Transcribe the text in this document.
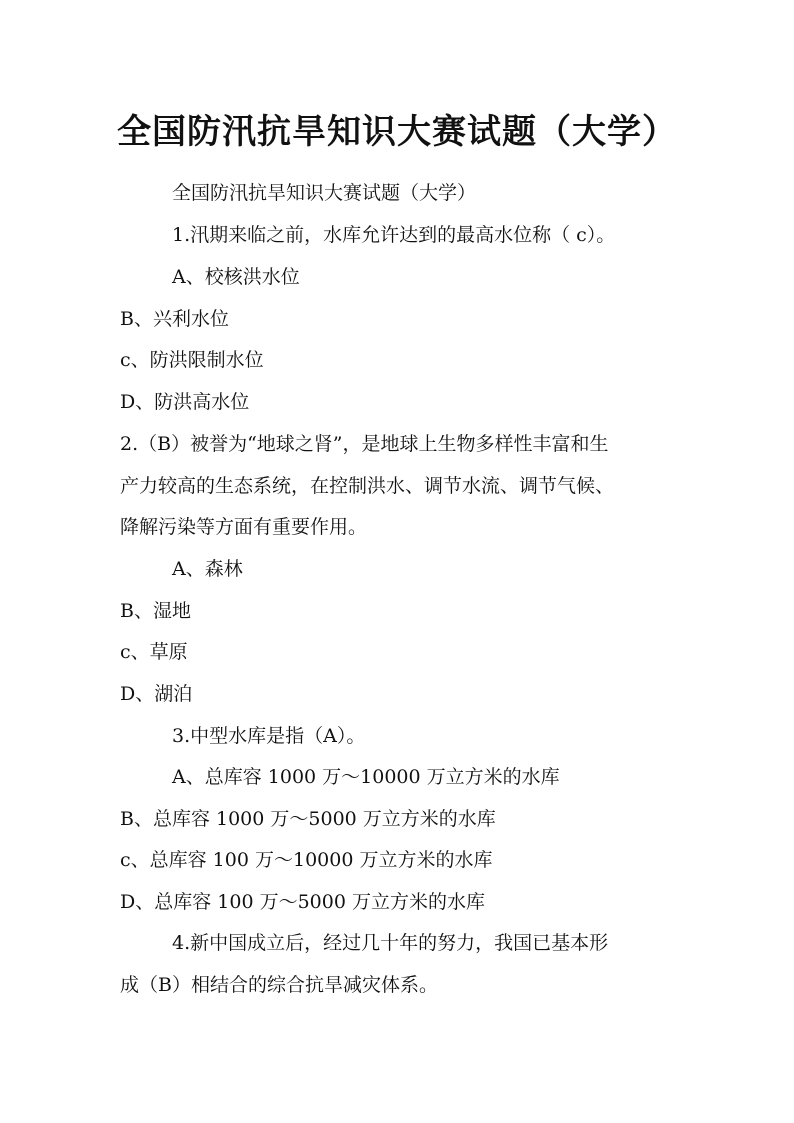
全国防汛抗旱知识大赛试题（大学）
全国防汛抗旱知识大赛试题（大学）
1.汛期来临之前，水库允许达到的最高水位称（ c）。
A、校核洪水位
B、兴利水位
c、防洪限制水位
D、防洪高水位
2.（B）被誉为“地球之肾”，是地球上生物多样性丰富和生
产力较高的生态系统，在控制洪水、调节水流、调节气候、
降解污染等方面有重要作用。
A、森林
B、湿地
c、草原
D、湖泊
3.中型水库是指（A）。
A、总库容 1000 万～10000 万立方米的水库
B、总库容 1000 万～5000 万立方米的水库
c、总库容 100 万～10000 万立方米的水库
D、总库容 100 万～5000 万立方米的水库
4.新中国成立后，经过几十年的努力，我国已基本形
成（B）相结合的综合抗旱减灾体系。
